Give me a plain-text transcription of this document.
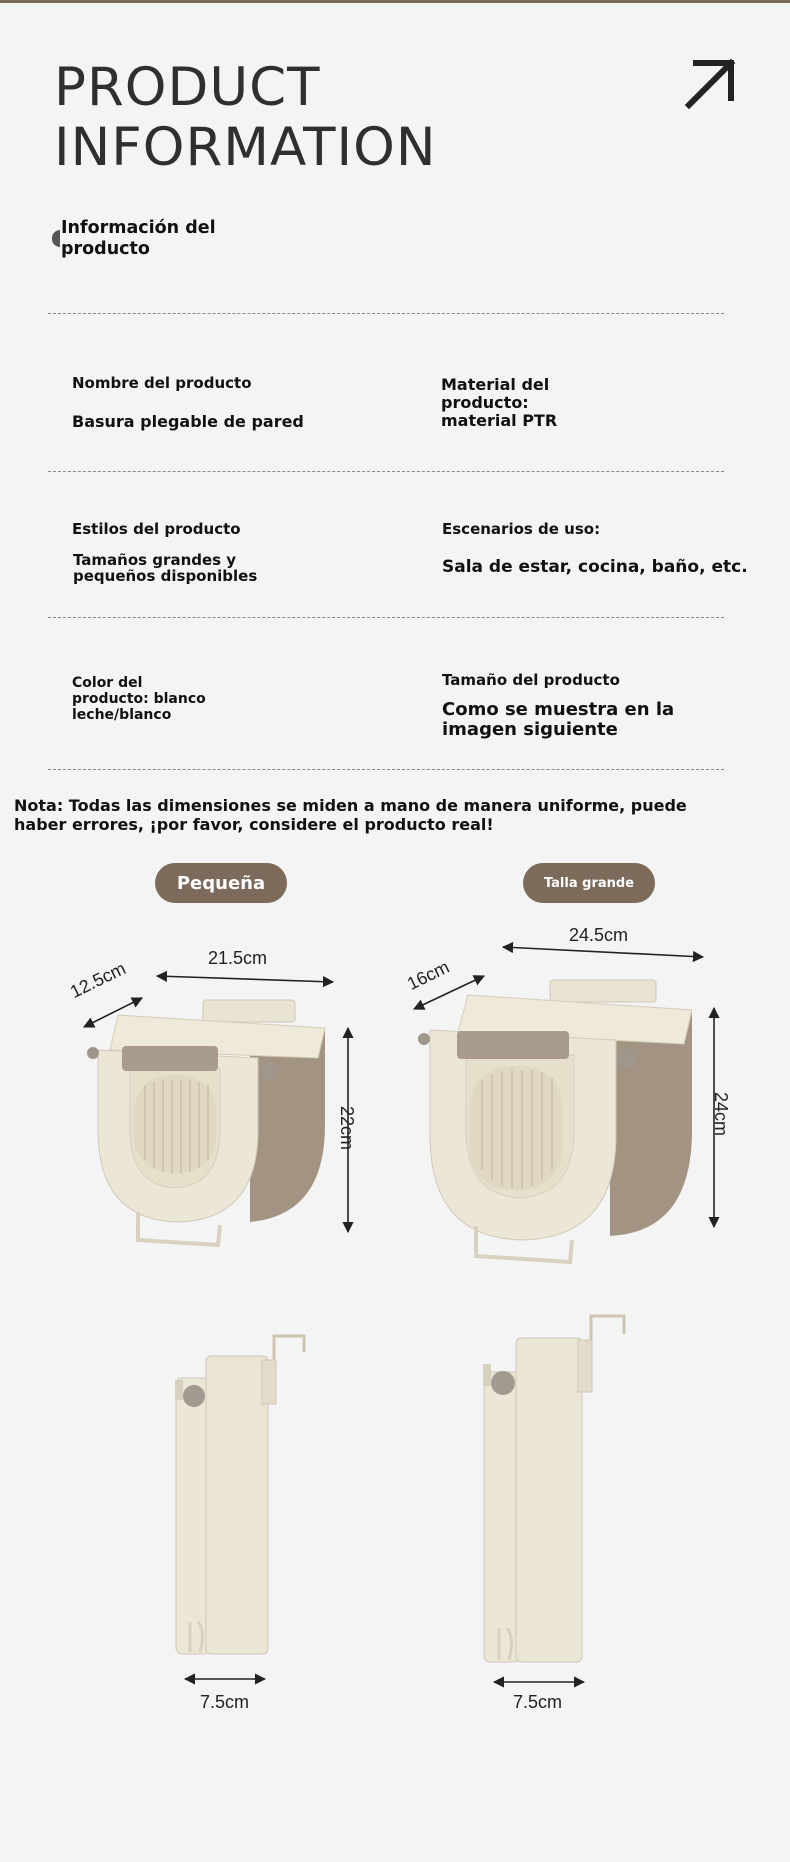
PRODUCT
INFORMATION
Información del producto
Nombre del producto
Basura plegable de pared
Material del producto: material PTR
Estilos del producto
Tamaños grandes y pequeños disponibles
Escenarios de uso:
Sala de estar, cocina, baño, etc.
Color del producto: blanco leche/blanco
Tamaño del producto
Como se muestra en la imagen siguiente
Nota: Todas las dimensiones se miden a mano de manera uniforme, puede haber errores, ¡por favor, considere el producto real!
Pequeña	Talla grande
12.5cm
21.5cm
22cm
16cm
24.5cm
24cm
7.5cm	7.5cm
